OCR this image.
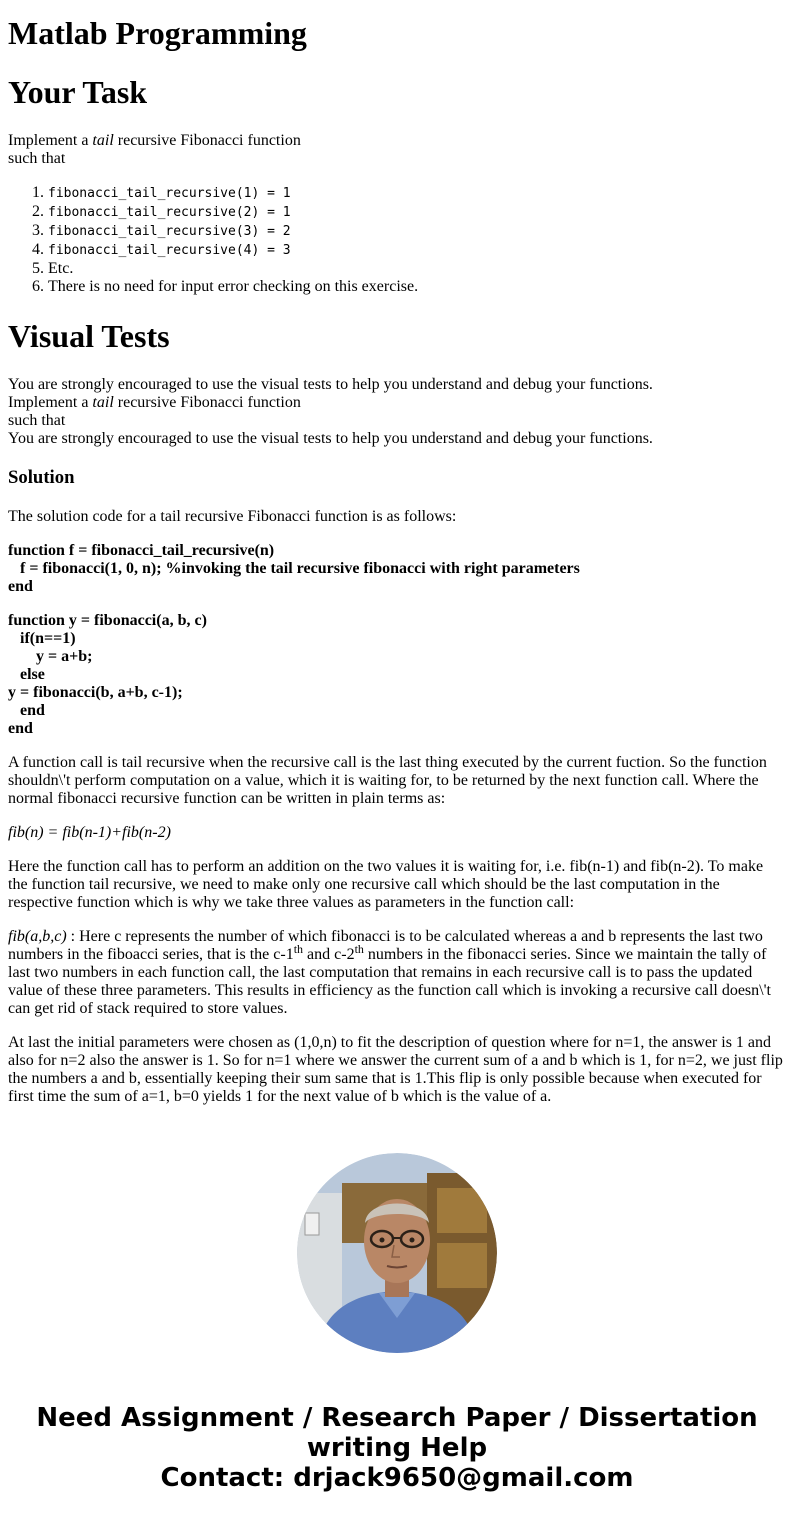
Matlab Programming
Your Task

Implement a tail recursive Fibonacci function
such that

1. fibonacci_tail_recursive(1) = 1
2. fibonacci_tail_recursive(2) = 1
3. fibonacci_tail_recursive(3) = 2
4. fibonacci_tail_recursive(4) = 3
5. Etc.
6. There is no need for input error checking on this exercise.
Visual Tests

You are strongly encouraged to use the visual tests to help you understand and debug your functions.
Implement a tail recursive Fibonacci function
such that
You are strongly encouraged to use the visual tests to help you understand and debug your functions.

Solution

The solution code for a tail recursive Fibonacci function is as follows:

function f = fibonacci_tail_recursive(n)
f = fibonacci(1, 0, n); %invoking the tail recursive fibonacci with right parameters
end
function y = fibonacci(a, b, c)
if(n==1)
y = a+b;
else
y = fibonacci(b, a+b, c-1);
end
end

A function call is tail recursive when the recursive call is the last thing executed by the current fuction. So the function shouldn\'t perform computation on a value, which it is waiting for, to be returned by the next function call. Where the normal fibonacci recursive function can be written in plain terms as:

fib(n) = fib(n-1)+fib(n-2)

Here the function call has to perform an addition on the two values it is waiting for, i.e. fib(n-1) and fib(n-2). To make the function tail recursive, we need to make only one recursive call which should be the last computation in the respective function which is why we take three values as parameters in the function call:

fib(a,b,c) : Here c represents the number of which fibonacci is to be calculated whereas a and b represents the last two numbers in the fiboacci series, that is the c-1th and c-2th numbers in the fibonacci series. Since we maintain the tally of last two numbers in each function call, the last computation that remains in each recursive call is to pass the updated value of these three parameters. This results in efficiency as the function call which is invoking a recursive call doesn\'t can get rid of stack required to store values.

At last the initial parameters were chosen as (1,0,n) to fit the description of question where for n=1, the answer is 1 and also for n=2 also the answer is 1. So for n=1 where we answer the current sum of a and b which is 1, for n=2, we just flip the numbers a and b, essentially keeping their sum same that is 1.This flip is only possible because when executed for first time the sum of a=1, b=0 yields 1 for the next value of b which is the value of a.

Need Assignment / Research Paper / Dissertation
writing Help
Contact: drjack9650@gmail.com
